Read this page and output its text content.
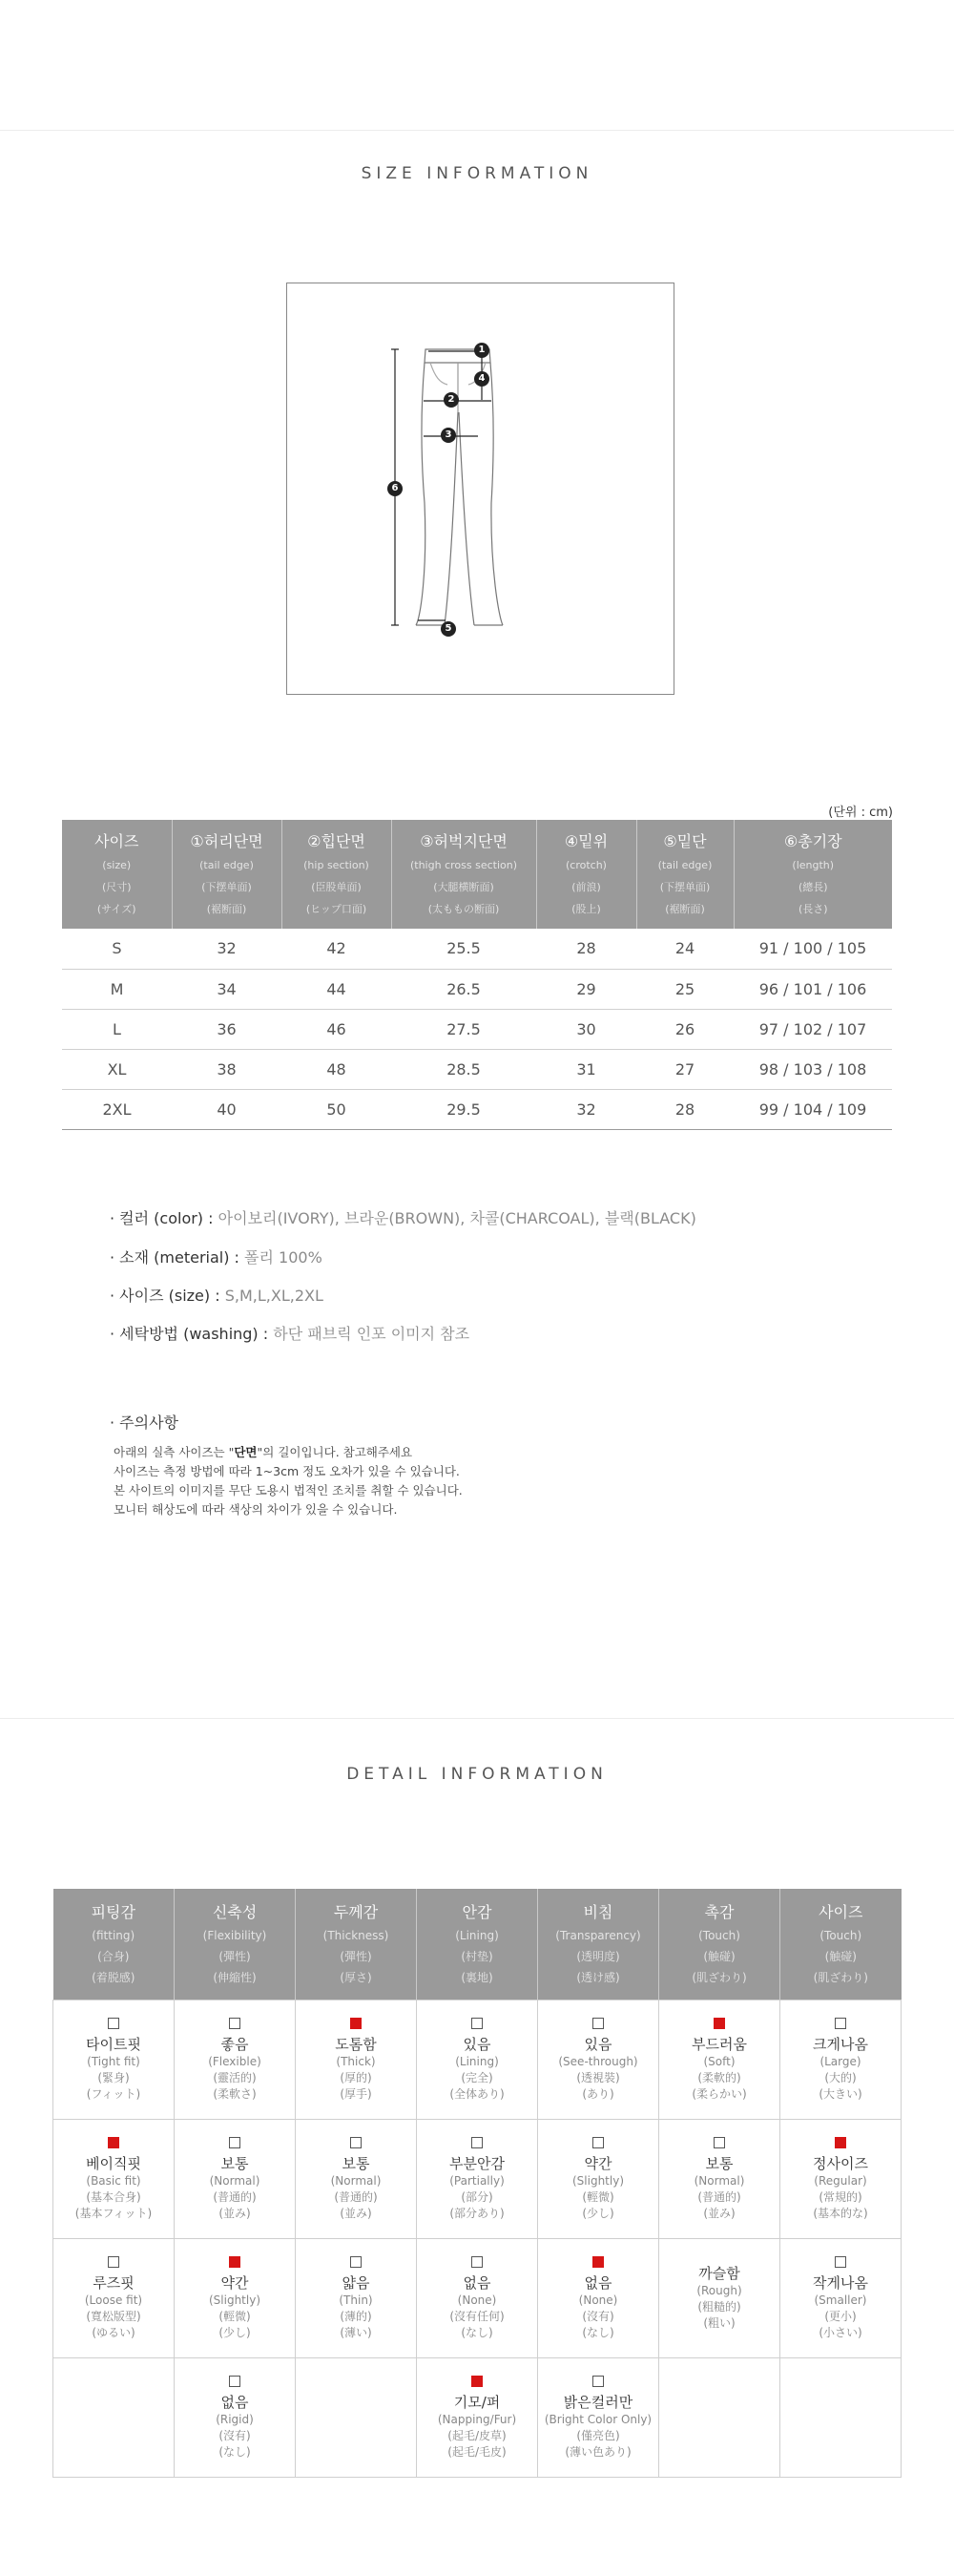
SIZE INFORMATION
1
2
3
4
5
6
(단위 : cm)
사이즈
(size)
(尺寸)
(サイズ)	①허리단면
(tail edge)
(下摆单面)
(裾断面)	②힙단면
(hip section)
(臣股单面)
(ヒップ口面)	③허벅지단면
(thigh cross section)
(大腿横断面)
(太ももの断面)	④밑위
(crotch)
(前浪)
(股上)	⑤밑단
(tail edge)
(下摆单面)
(裾断面)	⑥총기장
(length)
(總長)
(長さ)

S	32	42	25.5	28	24	91 / 100 / 105
M	34	44	26.5	29	25	96 / 101 / 106
L	36	46	27.5	30	26	97 / 102 / 107
XL	38	48	28.5	31	27	98 / 103 / 108
2XL	40	50	29.5	32	28	99 / 104 / 109
· 컬러 (color) : 아이보리(IVORY), 브라운(BROWN), 차콜(CHARCOAL), 블랙(BLACK)
· 소재 (meterial) : 폴리 100%
· 사이즈 (size) : S,M,L,XL,2XL
· 세탁방법 (washing) : 하단 패브릭 인포 이미지 참조
· 주의사항
아래의 실측 사이즈는 "단면"의 길이입니다. 참고해주세요
사이즈는 측정 방법에 따라 1~3cm 정도 오차가 있을 수 있습니다.
본 사이트의 이미지를 무단 도용시 법적인 조치를 취할 수 있습니다.
모니터 해상도에 따라 색상의 차이가 있을 수 있습니다.
DETAIL INFORMATION
피팅감
(fitting)
(合身)
(着脱感)	신축성
(Flexibility)
(彈性)
(伸縮性)	두께감
(Thickness)
(彈性)
(厚さ)	안감
(Lining)
(村垫)
(裏地)	비침
(Transparency)
(透明度)
(透け感)	촉감
(Touch)
(触碰)
(肌ざわり)	사이즈
(Touch)
(触碰)
(肌ざわり)

타이트핏
(Tight fit)
(緊身)
(フィット)	좋음
(Flexible)
(靈活的)
(柔軟さ)	도톰함
(Thick)
(厚的)
(厚手)	있음
(Lining)
(完全)
(全体あり)	있음
(See-through)
(透視裝)
(あり)	부드러움
(Soft)
(柔軟的)
(柔らかい)	크게나옴
(Large)
(大的)
(大きい)

베이직핏
(Basic fit)
(基本合身)
(基本フィット)	보통
(Normal)
(普通的)
(並み)	보통
(Normal)
(普通的)
(並み)	부분안감
(Partially)
(部分)
(部分あり)	약간
(Slightly)
(輕微)
(少し)	보통
(Normal)
(普通的)
(並み)	정사이즈
(Regular)
(常規的)
(基本的な)

루즈핏
(Loose fit)
(寬松版型)
(ゆるい)	약간
(Slightly)
(輕微)
(少し)	얇음
(Thin)
(薄的)
(薄い)	없음
(None)
(沒有任何)
(なし)	없음
(None)
(沒有)
(なし)	까슬함
(Rough)
(粗糙的)
(粗い)	작게나옴
(Smaller)
(更小)
(小さい)

	없음
(Rigid)
(沒有)
(なし)		기모/퍼
(Napping/Fur)
(起毛/皮草)
(起毛/毛皮)	밝은컬러만
(Bright Color Only)
(僅亮色)
(薄い色あり)		
